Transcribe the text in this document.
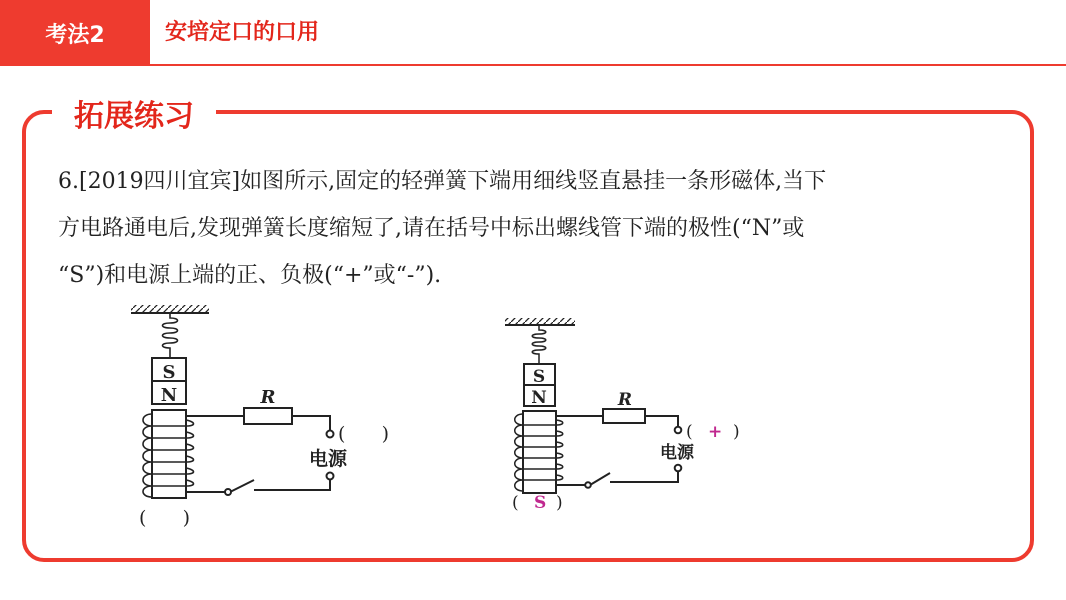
考法2	安培定口的口用
拓展练习
6.[2019四川宜宾]如图所示,固定的轻弹簧下端用细线竖直悬挂一条形磁体,当下
方电路通电后,发现弹簧长度缩短了,请在括号中标出螺线管下端的极性(“N”或
“S”)和电源上端的正、负极(“+”或“-”).
S
N	R
(      )
电源
(      )
S
N	R
( + )
电源
( S )
